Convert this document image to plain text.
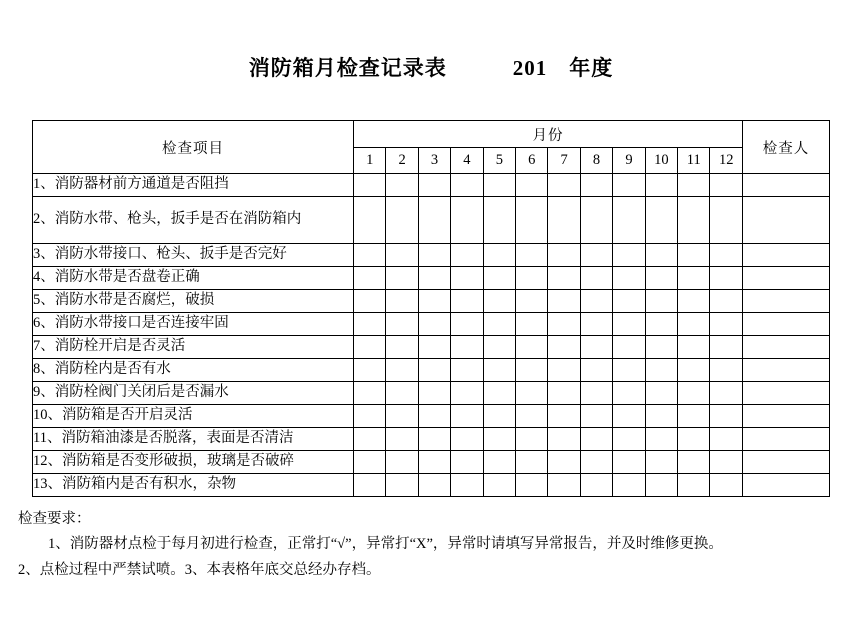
消防箱月检查记录表　　　	201　 年度
检查项目	月份												检查人
	1	2	3	4	5	6	7	8	9	10	11	12	
1、消防器材前方通道是否阻挡													
2、消防水带、枪头，扳手是否在消防箱内													
3、消防水带接口、枪头、扳手是否完好													
4、消防水带是否盘卷正确													
5、消防水带是否腐烂，破损													
6、消防水带接口是否连接牢固													
7、消防栓开启是否灵活													
8、消防栓内是否有水													
9、消防栓阀门关闭后是否漏水													
10、消防箱是否开启灵活													
11、消防箱油漆是否脱落，表面是否清洁													
12、消防箱是否变形破损，玻璃是否破碎													
13、消防箱内是否有积水，杂物													
检查要求：
1、消防器材点检于每月初进行检查，正常打“√”，异常打“X”，异常时请填写异常报告，并及时维修更换。
2、点检过程中严禁试喷。3、本表格年底交总经办存档。
